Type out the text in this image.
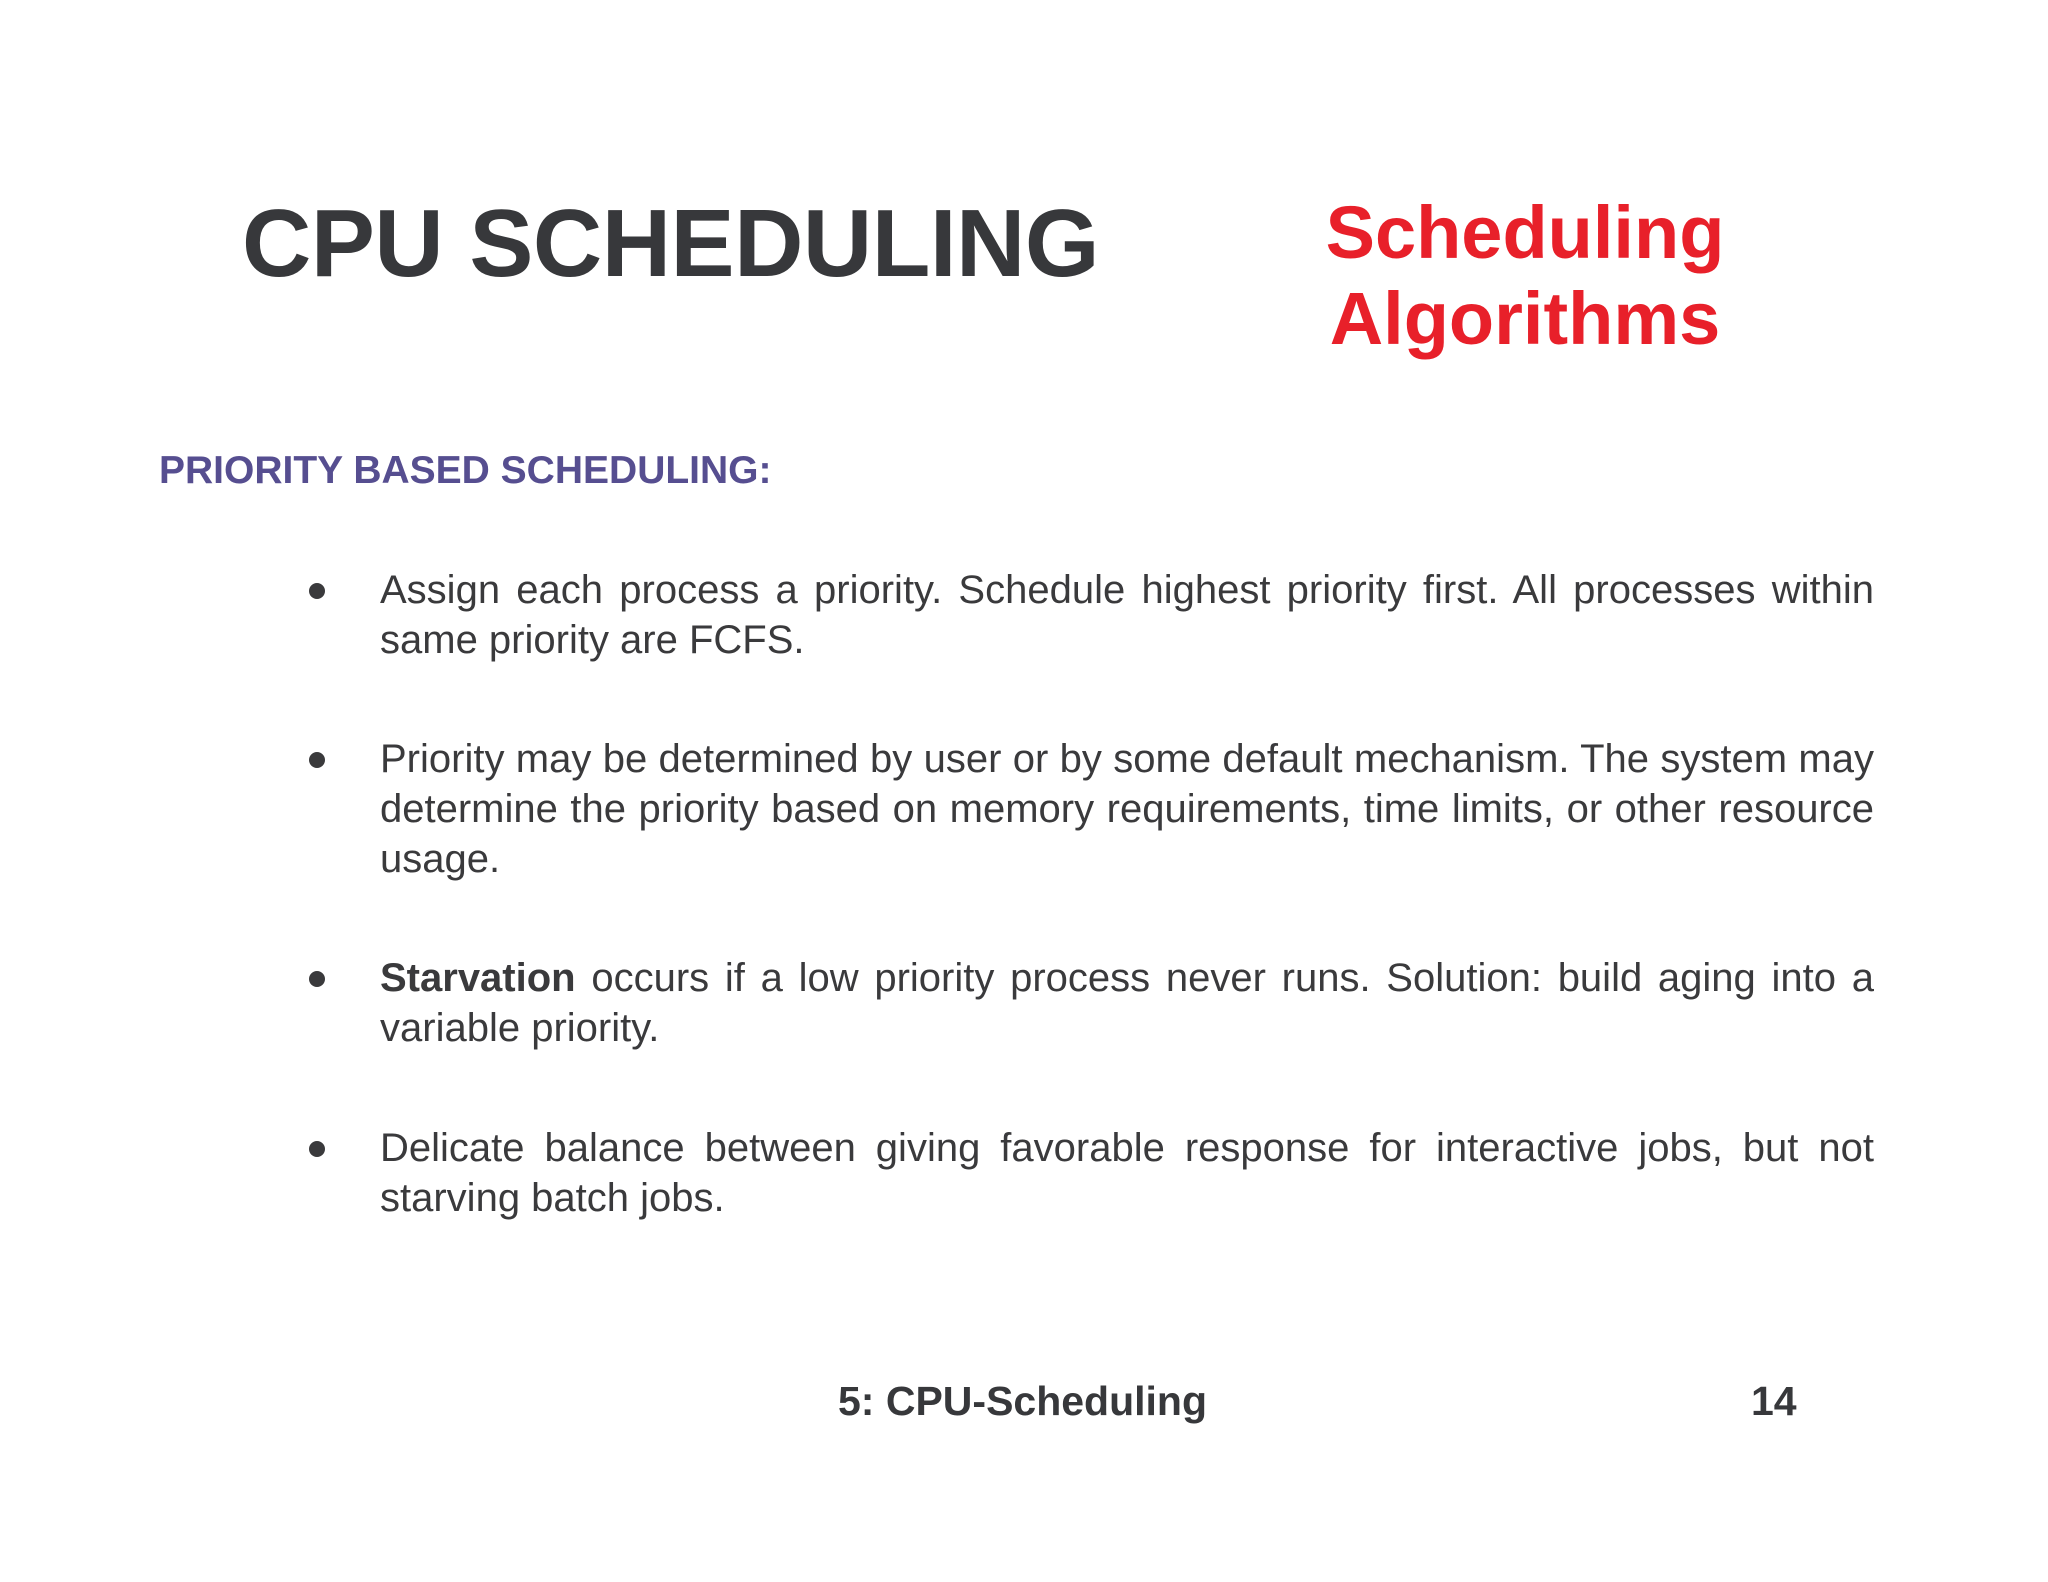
CPU SCHEDULING	Scheduling
Algorithms
PRIORITY BASED SCHEDULING:

Assign each process a priority. Schedule highest priority first. All processes within same priority are FCFS.

Priority may be determined by user or by some default mechanism. The system may determine the priority based on memory requirements, time limits, or other resource usage.

Starvation occurs if a low priority process never runs. Solution: build aging into a variable priority.

Delicate balance between giving favorable response for interactive jobs, but not starving batch jobs.

5: CPU-Scheduling	14
